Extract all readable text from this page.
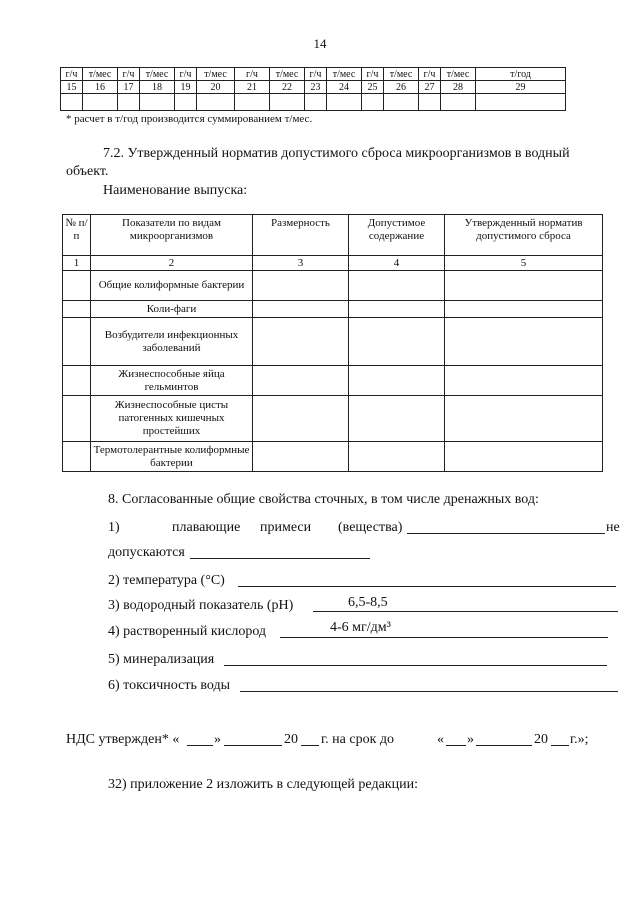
14
г/ч	т/мес	г/ч	т/мес	г/ч	т/мес	г/ч	т/мес	г/ч	т/мес	г/ч	т/мес	г/ч	т/мес	т/год
15	16	17	18	19	20	21	22	23	24	25	26	27	28	29

* расчет в т/год производится суммированием т/мес.
7.2. Утвержденный норматив допустимого сброса микроорганизмов в водный
объект.
Наименование выпуска:
№ п/п	Показатели по видам микроорганизмов	Размерность	Допустимое содержание	Утвержденный норматив допустимого сброса
1	2	3	4	5
	Общие колиформные бактерии			
	Коли-фаги			
	Возбудители инфекционных заболеваний			
	Жизнеспособные яйца гельминтов			
	Жизнеспособные цисты патогенных кишечных простейших			
	Термотолерантные колиформные бактерии			
8. Согласованные общие свойства сточных, в том числе дренажных вод:
1)	плавающие примеси (вещества)	не
допускаются
2) температура (°С)
3) водородный показатель (рН)	6,5-8,5
4) растворенный кислород	4-6 мг/дм³
5) минерализация
6) токсичность воды
НДС утвержден* « »	20 г. на срок до	« »	20 г.»;
32) приложение 2 изложить в следующей редакции:
